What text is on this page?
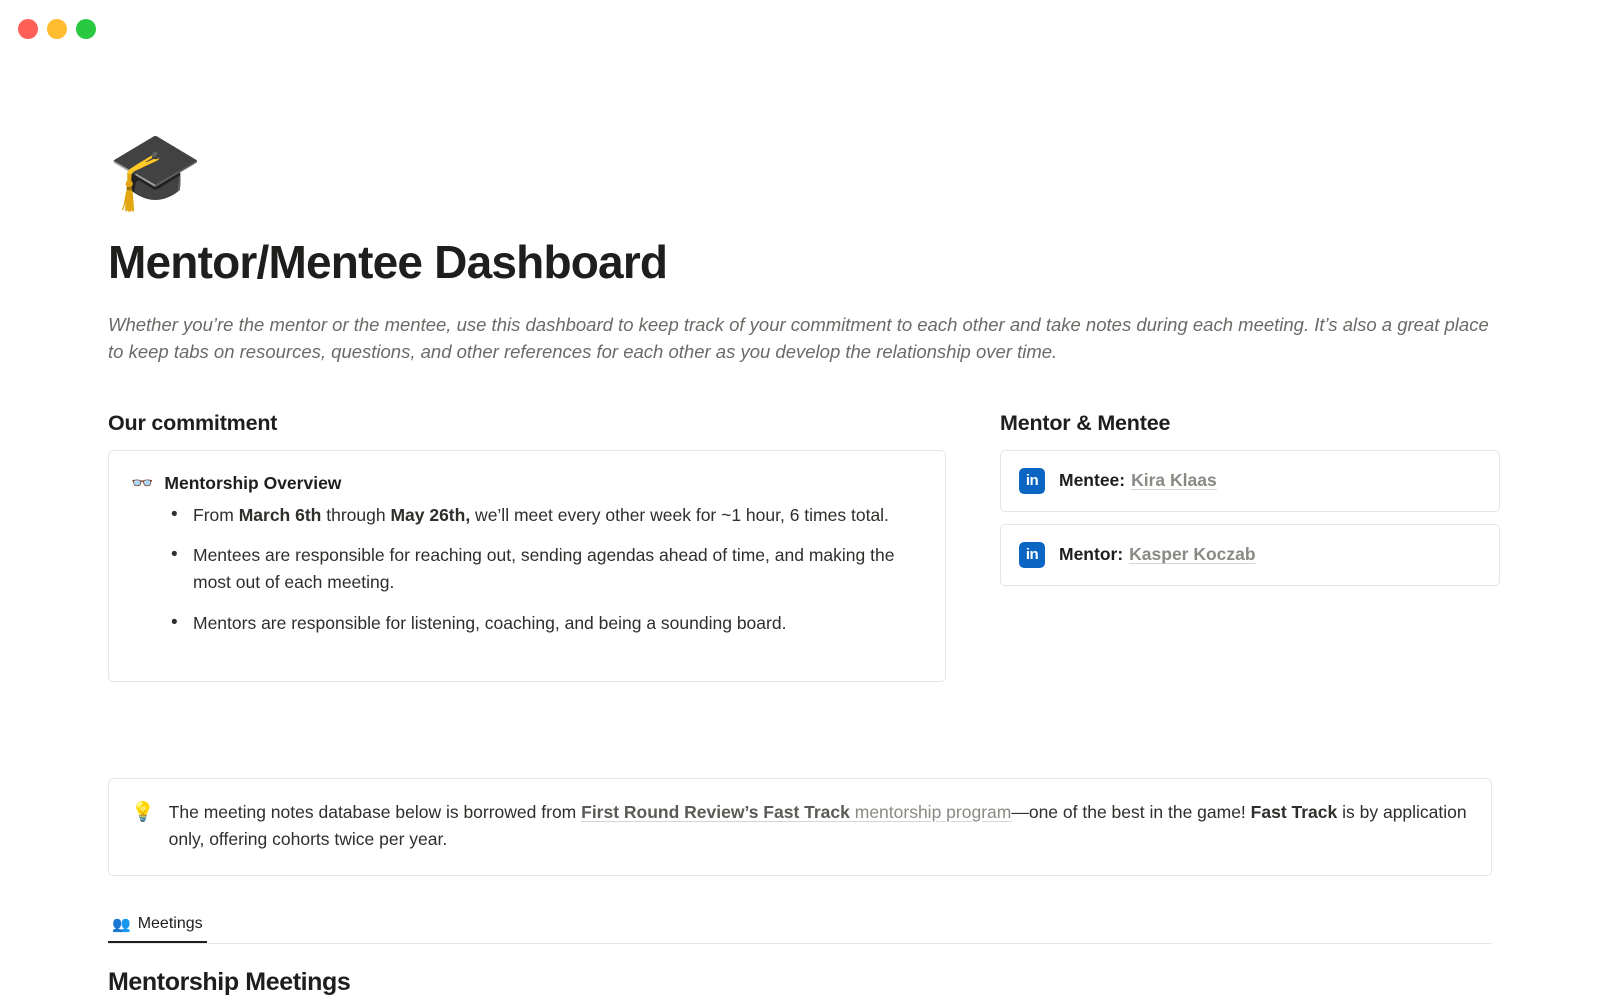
🎓
Mentor/Mentee Dashboard

Whether you’re the mentor or the mentee, use this dashboard to keep track of your commitment to each other and take notes during each meeting. It’s also a great place to keep tabs on resources, questions, and other references for each other as you develop the relationship over time.

Our commitment
👓 Mentorship Overview
• From March 6th through May 26th, we’ll meet every other week for ~1 hour, 6 times total.
• Mentees are responsible for reaching out, sending agendas ahead of time, and making the most out of each meeting.
• Mentors are responsible for listening, coaching, and being a sounding board.
Mentor & Mentee
in	Mentee: Kira Klaas
in	Mentor: Kasper Koczab
💡 The meeting notes database below is borrowed from First Round Review’s Fast Track mentorship program—one of the best in the game! Fast Track is by application only, offering cohorts twice per year.
👥 Meetings
Mentorship Meetings
